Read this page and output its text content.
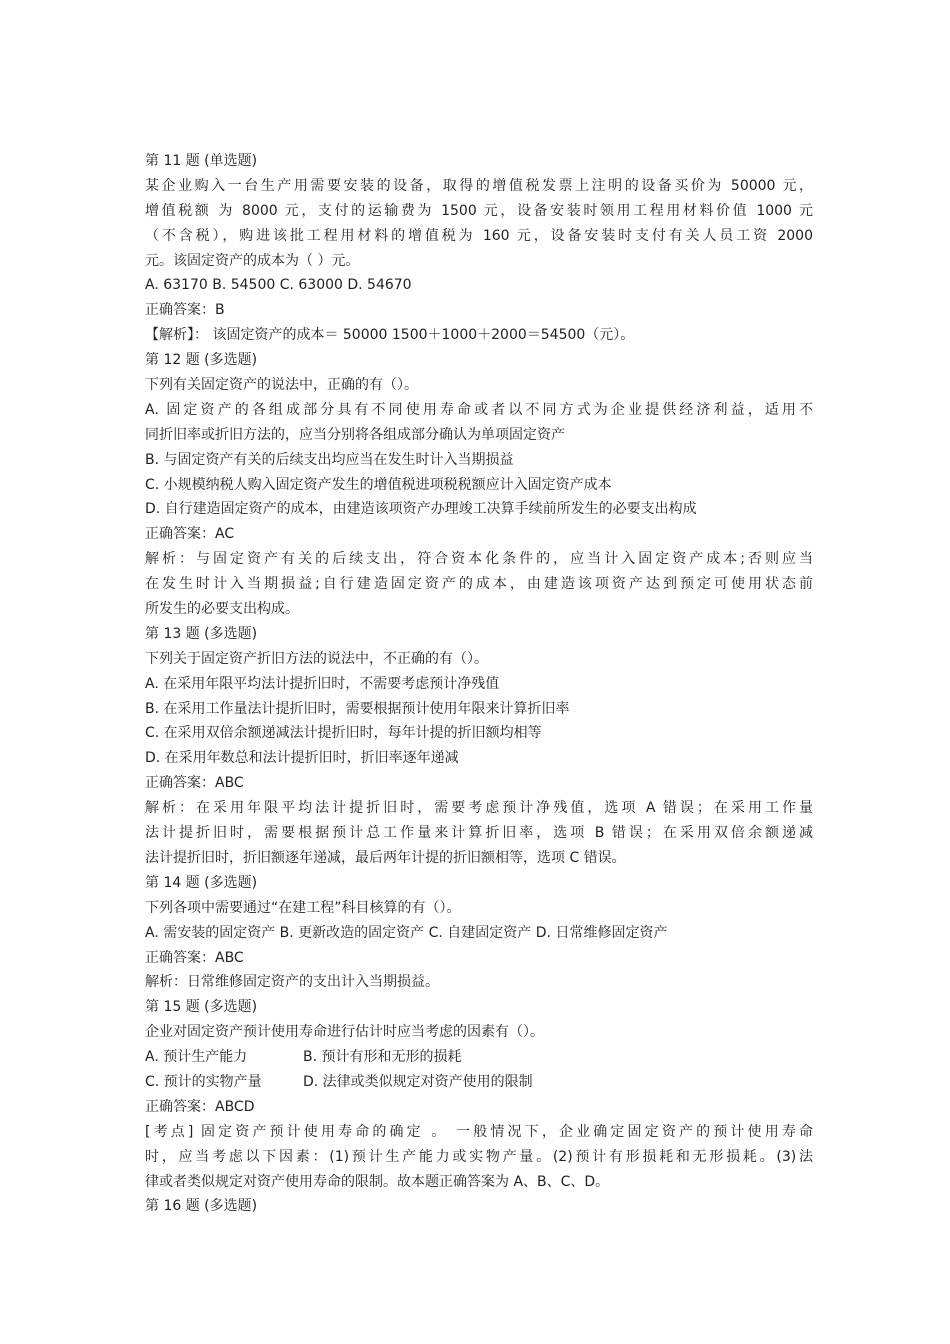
第 11 题 (单选题)
某企业购入一台生产用需要安装的设备，取得的增值税发票上注明的设备买价为 50000 元，
增值税额 为 8000 元，支付的运输费为 1500 元，设备安装时领用工程用材料价值 1000 元
（不含税），购进该批工程用材料的增值税为 160 元，设备安装时支付有关人员工资 2000
元。该固定资产的成本为（ ）元。
A. 63170 B. 54500 C. 63000 D. 54670
正确答案：B
【解析】： 该固定资产的成本＝ 50000 1500＋1000＋2000＝54500（元）。
第 12 题 (多选题)
下列有关固定资产的说法中，正确的有（）。
A. 固定资产的各组成部分具有不同使用寿命或者以不同方式为企业提供经济利益，适用不
同折旧率或折旧方法的，应当分别将各组成部分确认为单项固定资产
B. 与固定资产有关的后续支出均应当在发生时计入当期损益
C. 小规模纳税人购入固定资产发生的增值税进项税税额应计入固定资产成本
D. 自行建造固定资产的成本，由建造该项资产办理竣工决算手续前所发生的必要支出构成
正确答案：AC
解析：与固定资产有关的后续支出，符合资本化条件的，应当计入固定资产成本;否则应当
在发生时计入当期损益;自行建造固定资产的成本，由建造该项资产达到预定可使用状态前
所发生的必要支出构成。
第 13 题 (多选题)
下列关于固定资产折旧方法的说法中，不正确的有（）。
A. 在采用年限平均法计提折旧时，不需要考虑预计净残值
B. 在采用工作量法计提折旧时，需要根据预计使用年限来计算折旧率
C. 在采用双倍余额递减法计提折旧时，每年计提的折旧额均相等
D. 在采用年数总和法计提折旧时，折旧率逐年递减
正确答案：ABC
解析：在采用年限平均法计提折旧时，需要考虑预计净残值，选项 A 错误；在采用工作量
法计提折旧时，需要根据预计总工作量来计算折旧率，选项 B 错误；在采用双倍余额递减
法计提折旧时，折旧额逐年递减，最后两年计提的折旧额相等，选项 C 错误。
第 14 题 (多选题)
下列各项中需要通过“在建工程”科目核算的有（）。
A. 需安装的固定资产 B. 更新改造的固定资产 C. 自建固定资产 D. 日常维修固定资产
正确答案：ABC
解析：日常维修固定资产的支出计入当期损益。
第 15 题 (多选题)
企业对固定资产预计使用寿命进行估计时应当考虑的因素有（）。
A. 预计生产能力	B. 预计有形和无形的损耗
C. 预计的实物产量	D. 法律或类似规定对资产使用的限制
正确答案：ABCD
[考点] 固定资产预计使用寿命的确定 。 一般情况下，企业确定固定资产的预计使用寿命
时，应当考虑以下因素：(1)预计生产能力或实物产量。(2)预计有形损耗和无形损耗。(3)法
律或者类似规定对资产使用寿命的限制。故本题正确答案为 A、B、C、D。
第 16 题 (多选题)
